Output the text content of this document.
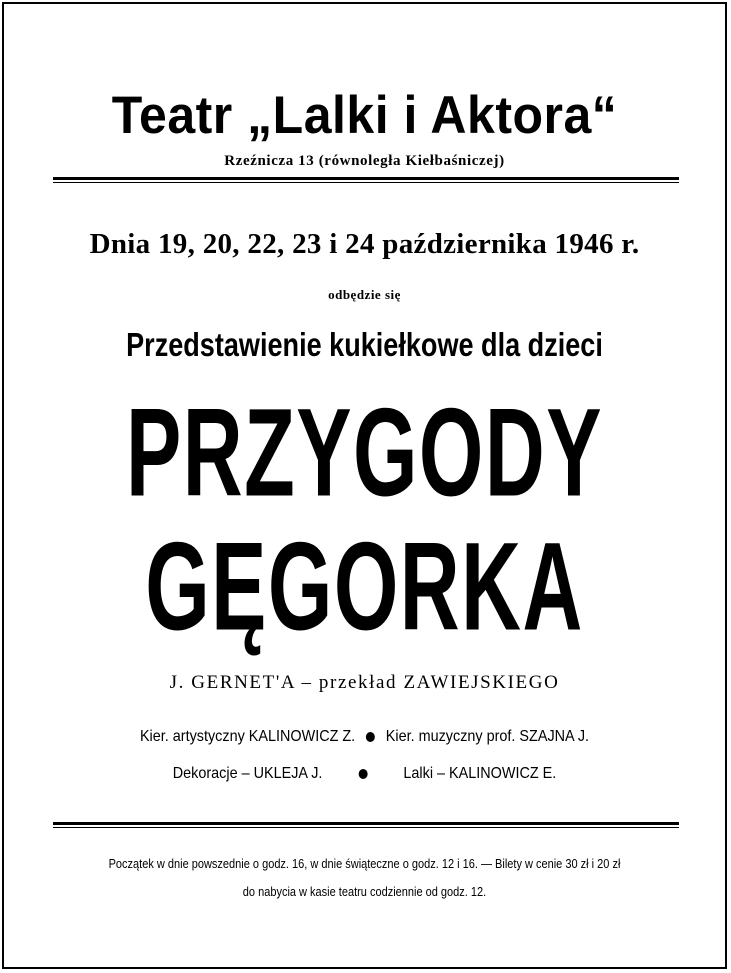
Teatr „Lalki i Aktora“
Rzeźnicza 13 (równoległa Kiełbaśniczej)
Dnia 19, 20, 22, 23 i 24 października 1946 r.
odbędzie się
Przedstawienie kukiełkowe dla dzieci
PRZYGODY
GĘGORKA
J. GERNET'A – przekład ZAWIEJSKIEGO
Kier. artystyczny KALINOWICZ Z. Kier. muzyczny prof. SZAJNA J.
Dekoracje – UKLEJA J.	Lalki – KALINOWICZ E.
Początek w dnie powszednie o godz. 16, w dnie świąteczne o godz. 12 i 16. — Bilety w cenie 30 zł i 20 zł
do nabycia w kasie teatru codziennie od godz. 12.
